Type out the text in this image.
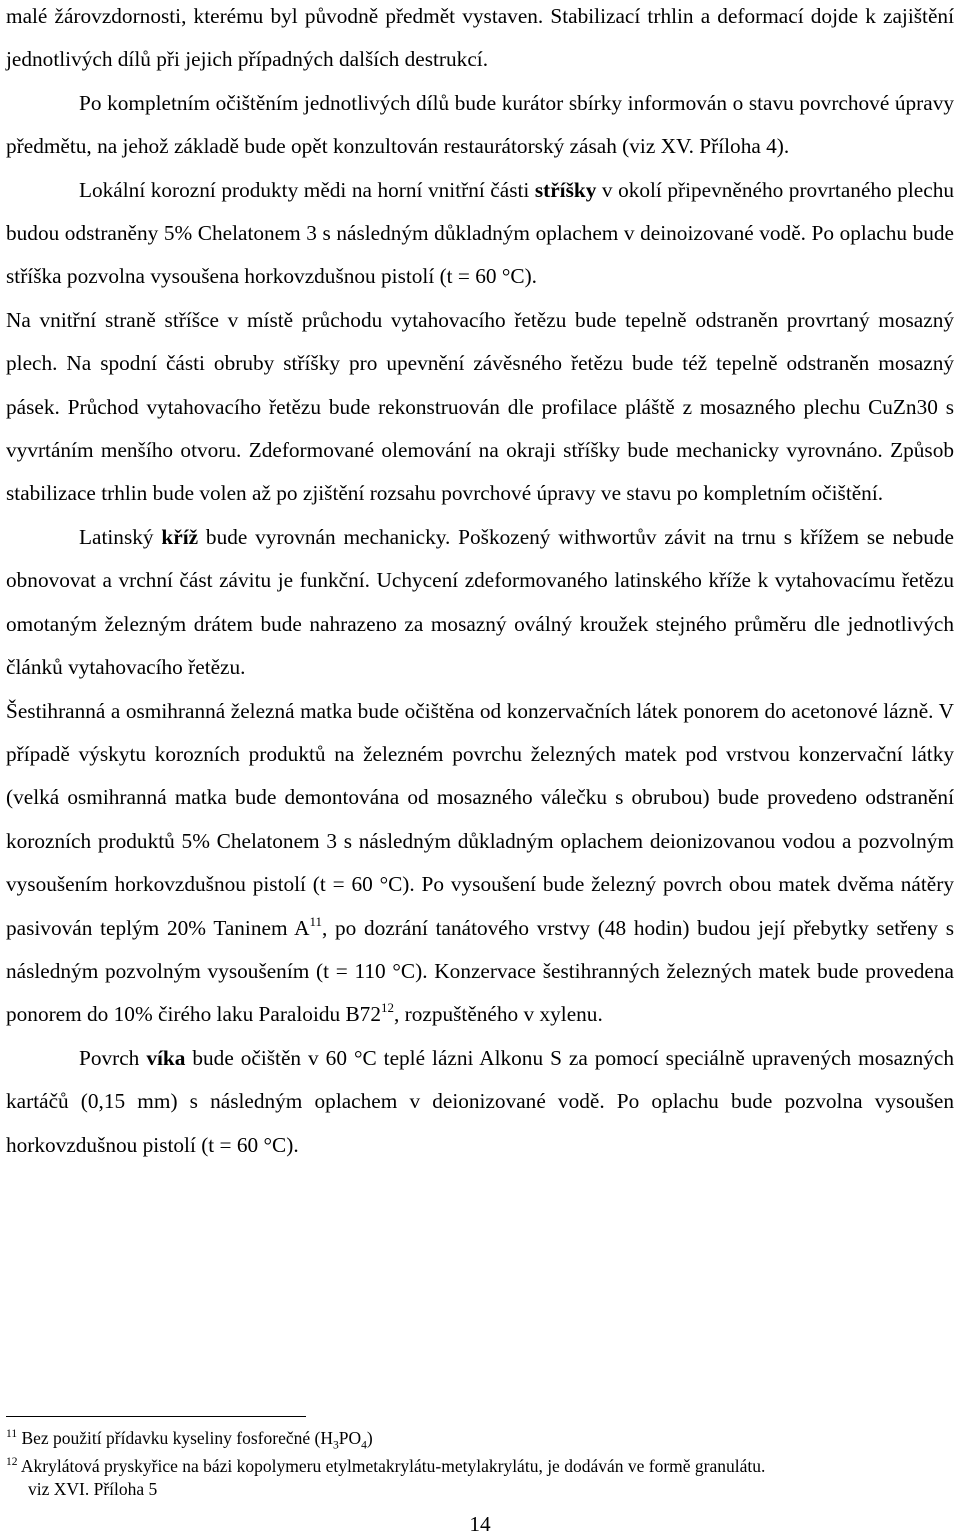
malé žárovzdornosti, kterému byl původně předmět vystaven. Stabilizací trhlin a deformací dojde k zajištění jednotlivých dílů při jejich případných dalších destrukcí.

Po kompletním očištěním jednotlivých dílů bude kurátor sbírky informován o stavu povrchové úpravy předmětu, na jehož základě bude opět konzultován restaurátorský zásah (viz XV. Příloha 4).

Lokální korozní produkty mědi na horní vnitřní části stříšky v okolí připevněného provrtaného plechu budou odstraněny 5% Chelatonem 3 s následným důkladným oplachem v deinoizované vodě. Po oplachu bude stříška pozvolna vysoušena horkovzdušnou pistolí (t = 60 °C).

Na vnitřní straně stříšce v místě průchodu vytahovacího řetězu bude tepelně odstraněn provrtaný mosazný plech. Na spodní části obruby stříšky pro upevnění závěsného řetězu bude též tepelně odstraněn mosazný pásek. Průchod vytahovacího řetězu bude rekonstruován dle profilace pláště z mosazného plechu CuZn30 s vyvrtáním menšího otvoru. Zdeformované olemování na okraji stříšky bude mechanicky vyrovnáno. Způsob stabilizace trhlin bude volen až po zjištění rozsahu povrchové úpravy ve stavu po kompletním očištění.

Latinský kříž bude vyrovnán mechanicky. Poškozený withwortův závit na trnu s křížem se nebude obnovovat a vrchní část závitu je funkční. Uchycení zdeformovaného latinského kříže k vytahovacímu řetězu omotaným železným drátem bude nahrazeno za mosazný oválný kroužek stejného průměru dle jednotlivých článků vytahovacího řetězu.

Šestihranná a osmihranná železná matka bude očištěna od konzervačních látek ponorem do acetonové lázně. V případě výskytu korozních produktů na železném povrchu železných matek pod vrstvou konzervační látky (velká osmihranná matka bude demontována od mosazného válečku s obrubou) bude provedeno odstranění korozních produktů 5% Chelatonem 3 s následným důkladným oplachem deionizovanou vodou a pozvolným vysoušením horkovzdušnou pistolí (t = 60 °C). Po vysoušení bude železný povrch obou matek dvěma nátěry pasivován teplým 20% Taninem $A^{11}$, po dozrání tanátového vrstvy (48 hodin) budou její přebytky setřeny s následným pozvolným vysoušením (t = 110 °C). Konzervace šestihranných železných matek bude provedena ponorem do 10% čirého laku Paraloidu $B72^{12}$, rozpuštěného v xylenu.

Povrch víka bude očištěn v 60 °C teplé lázni Alkonu S za pomocí speciálně upravených mosazných kartáčů (0,15 mm) s následným oplachem v deionizované vodě. Po oplachu bude pozvolna vysoušen horkovzdušnou pistolí (t = 60 °C).

$^{11}$ Bez použití přídavku kyseliny fosforečné $(H_3PO_4)$
$^{12}$ Akrylátová pryskyřice na bázi kopolymeru etylmetakrylátu-metylakrylátu, je dodáván ve formě granulátu.
viz XVI. Příloha 5
14
